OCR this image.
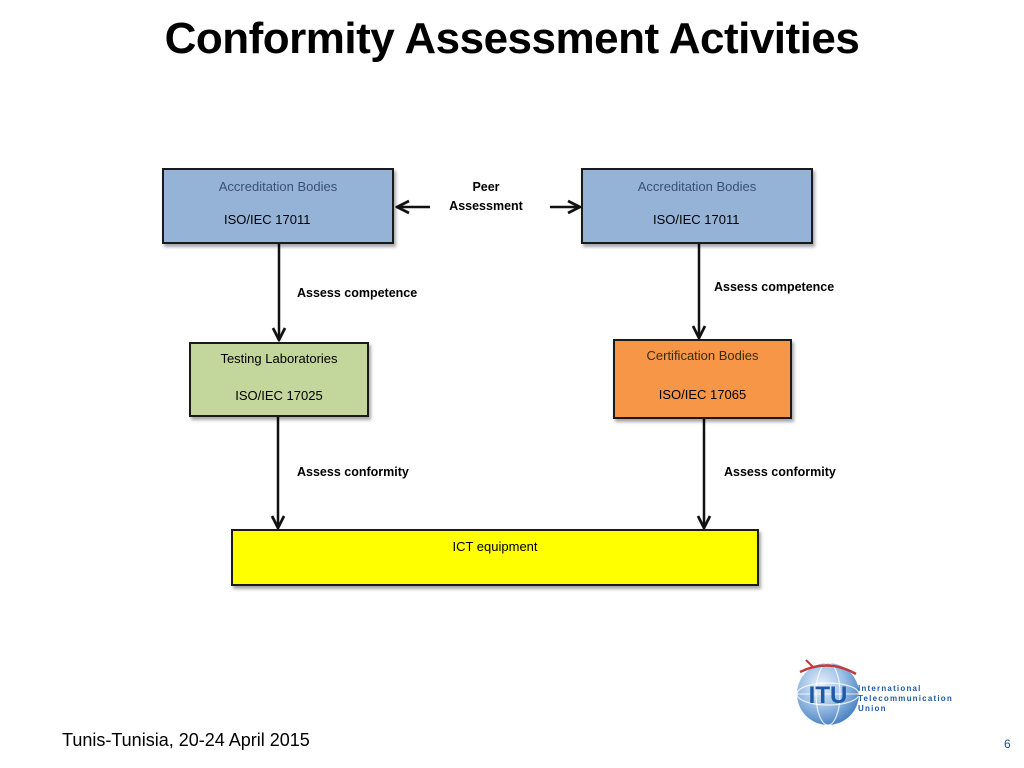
Conformity Assessment Activities
Accreditation Bodies
ISO/IEC 17011
Peer
Assessment
Accreditation Bodies
ISO/IEC 17011
Assess competence	Assess competence
Testing Laboratories
ISO/IEC 17025
Certification Bodies
ISO/IEC 17065
Assess conformity	Assess conformity
ICT equipment
Tunis-Tunisia, 20-24 April 2015	6
ITU International
Telecommunication
Union
